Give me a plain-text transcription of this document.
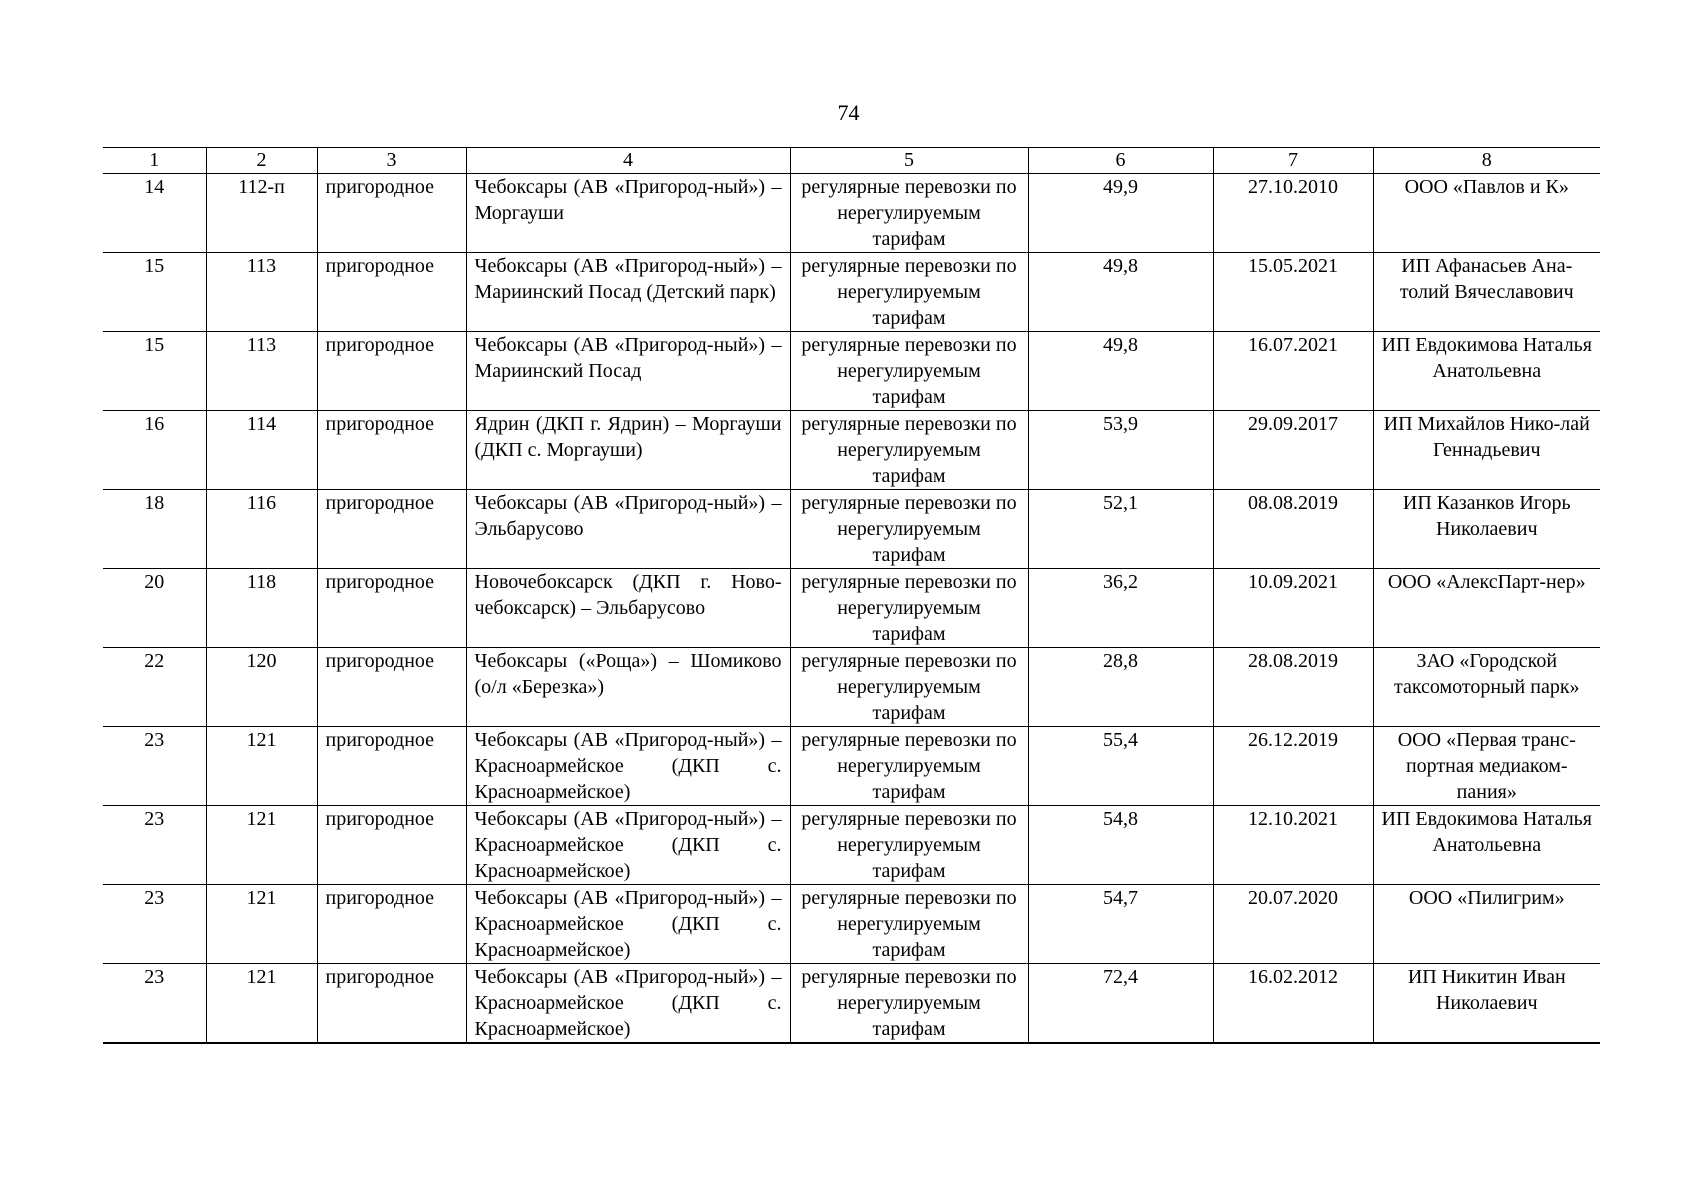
74
1	2	3	4	5	6	7	8
14	112-п	пригородное	Чебоксары (АВ «Пригород-ный») – Моргауши	регулярные перевозки по нерегулируемым тарифам	49,9	27.10.2010	ООО «Павлов и К»
15	113	пригородное	Чебоксары (АВ «Пригород-ный») – Мариинский Посад (Детский парк)	регулярные перевозки по нерегулируемым тарифам	49,8	15.05.2021	ИП Афанасьев Ана-толий Вячеславович
15	113	пригородное	Чебоксары (АВ «Пригород-ный») – Мариинский Посад	регулярные перевозки по нерегулируемым тарифам	49,8	16.07.2021	ИП Евдокимова Наталья Анатольевна
16	114	пригородное	Ядрин (ДКП г. Ядрин) – Моргауши (ДКП с. Моргауши)	регулярные перевозки по нерегулируемым тарифам	53,9	29.09.2017	ИП Михайлов Нико-лай Геннадьевич
18	116	пригородное	Чебоксары (АВ «Пригород-ный») – Эльбарусово	регулярные перевозки по нерегулируемым тарифам	52,1	08.08.2019	ИП Казанков Игорь Николаевич
20	118	пригородное	Новочебоксарск (ДКП г. Ново-чебоксарск) – Эльбарусово	регулярные перевозки по нерегулируемым тарифам	36,2	10.09.2021	ООО «АлексПарт-нер»
22	120	пригородное	Чебоксары («Роща») – Шомиково (о/л «Березка»)	регулярные перевозки по нерегулируемым тарифам	28,8	28.08.2019	ЗАО «Городской таксомоторный парк»
23	121	пригородное	Чебоксары (АВ «Пригород-ный») – Красноармейское (ДКП с. Красноармейское)	регулярные перевозки по нерегулируемым тарифам	55,4	26.12.2019	ООО «Первая транс-портная медиаком-пания»
23	121	пригородное	Чебоксары (АВ «Пригород-ный») – Красноармейское (ДКП с. Красноармейское)	регулярные перевозки по нерегулируемым тарифам	54,8	12.10.2021	ИП Евдокимова Наталья Анатольевна
23	121	пригородное	Чебоксары (АВ «Пригород-ный») – Красноармейское (ДКП с. Красноармейское)	регулярные перевозки по нерегулируемым тарифам	54,7	20.07.2020	ООО «Пилигрим»
23	121	пригородное	Чебоксары (АВ «Пригород-ный») – Красноармейское (ДКП с. Красноармейское)	регулярные перевозки по нерегулируемым тарифам	72,4	16.02.2012	ИП Никитин Иван Николаевич
